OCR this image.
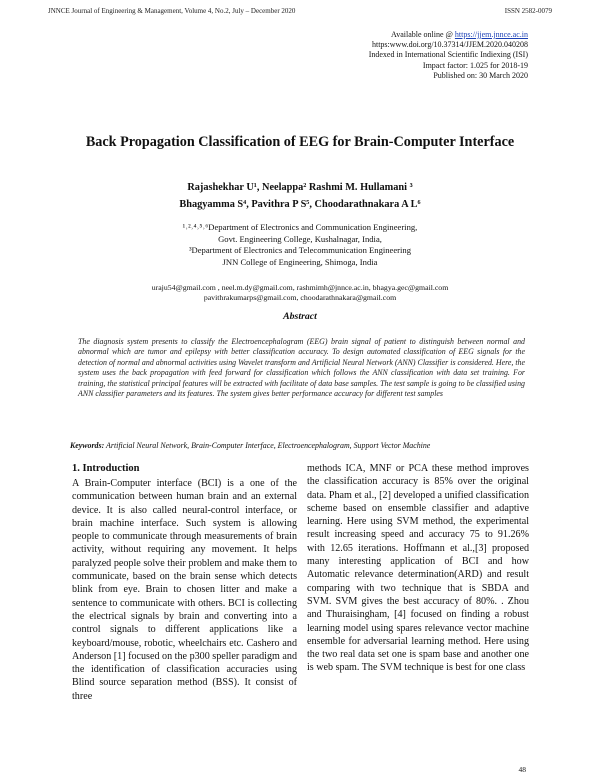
JNNCE Journal of Engineering & Management, Volume 4, No.2, July – December 2020	ISSN 2582-0079
Available online @ https://jjem.jnnce.ac.in
https:www.doi.org/10.37314/JJEM.2020.040208
Indexed in International Scientific Indiexing (ISI)
Impact factor: 1.025 for 2018-19
Published on: 30 March 2020
Back Propagation Classification of EEG for Brain-Computer Interface
Rajashekhar U¹, Neelappa² Rashmi M. Hullamani ³
Bhagyamma S⁴, Pavithra P S⁵, Choodarathnakara A L⁶
¹˒²˒⁴˒⁵˒⁶Department of Electronics and Communication Engineering,
Govt. Engineering College, Kushalnagar, India,
³Department of Electronics and Telecommunication Engineering
JNN College of Engineering, Shimoga, India
uraju54@gmail.com , neel.m.dy@gmail.com, rashmimh@jnnce.ac.in, bhagya.gec@gmail.com
pavithrakumarps@gmail.com, choodarathnakara@gmail.com
Abstract
The diagnosis system presents to classify the Electroencephalogram (EEG) brain signal of patient to distinguish between normal and abnormal which are tumor and epilepsy with better classification accuracy. To design automated classification of EEG signals for the detection of normal and abnormal activities using Wavelet transform and Artificial Neural Network (ANN) Classifier is considered. Here, the system uses the back propagation with feed forward for classification which follows the ANN classification with data set training. For training, the statistical principal features will be extracted with facilitate of data base samples. The test sample is going to be classified using ANN classifier parameters and its features. The system gives better performance accuracy for different test samples
Keywords: Artificial Neural Network, Brain-Computer Interface, Electroencephalogram, Support Vector Machine
1. Introduction

A Brain-Computer interface (BCI) is a one of the communication between human brain and an external device. It is also called neural-control interface, or brain machine interface. Such system is allowing people to communicate through measurements of brain activity, without requiring any movement. It helps paralyzed people solve their problem and make them to communicate, based on the brain sense which detects blink from eye. Brain to chosen litter and make a sentence to communicate with others. BCI is collecting the electrical signals by brain and converting into a control signals to different applications like a keyboard/mouse, robotic, wheelchairs etc. Cashero and Anderson [1] focused on the p300 speller paradigm and the identification of classification accuracies using Blind source separation method (BSS). It consist of three

methods ICA, MNF or PCA these method improves the classification accuracy is 85% over the original data. Pham et al., [2] developed a unified classification scheme based on ensemble classifier and adaptive learning. Here using SVM method, the experimental result increasing speed and accuracy 75 to 91.26% with 12.65 iterations. Hoffmann et al.,[3] proposed many interesting application of BCI and how Automatic relevance determination(ARD) and result comparing with two technique that is SBDA and SVM. SVM gives the best accuracy of 80%. . Zhou and Thuraisingham, [4] focused on finding a robust learning model using spares relevance vector machine ensemble for adversarial learning method. Here using the two real data set one is spam base and another one is web spam. The SVM technique is best for one class

48
